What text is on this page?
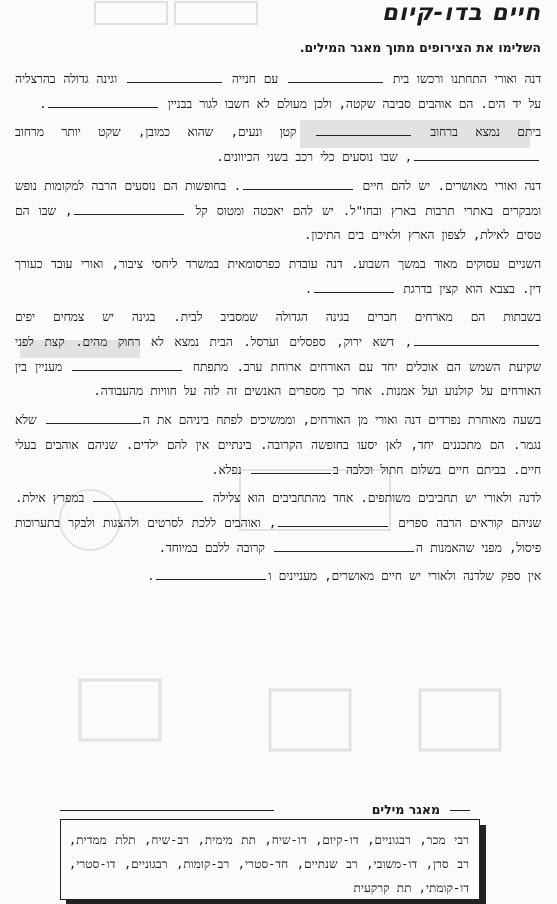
חיים בדו-קיום
השלימו את הצירופים מתוך מאגר המילים.

דנה ואורי התחתנו ורכשו בית  עם חנייה  וגינה גדולה בהרצליה על יד הים. הם אוהבים סביבה שקטה, ולכן מעולם לא חשבו לגור בבניין .

ביתם נמצא ברחוב  קטן ונעים, שהוא כמובן, שקט יותר מרחוב , שבו נוסעים כלי רכב בשני הכיוונים.

דנה ואורי מאושרים. יש להם חיים . בחופשות הם נוסעים הרבה למקומות נופש ומבקרים באתרי תרבות בארץ ובחו"ל. יש להם יאכטה ומטוס קל , שבו הם טסים לאילת, לצפון הארץ ולאיים בים התיכון.

השניים עסוקים מאוד במשך השבוע. דנה עובדת כפרסומאית במשרד ליחסי ציבור, ואורי עובד כעורך דין. בצבא הוא קצין בדרגת .

בשבתות הם מארחים חברים בגינה הגדולה שמסביב לבית. בגינה יש צמחים יפים , דשא ירוק, ספסלים וערסל. הבית נמצא לא רחוק מהים. קצת לפני שקיעת השמש הם אוכלים יחד עם האורחים ארוחת ערב. מתפתח  מעניין בין האורחים על קולנוע ועל אמנות. אחר כך מספרים האנשים זה לזה על חוויות מהעבודה.

בשעה מאוחרת נפרדים דנה ואורי מן האורחים, וממשיכים לפתח ביניהם את ה שלא נגמר. הם מתכננים יחד, לאן יסעו בחופשה הקרובה. בינתיים אין להם ילדים. שניהם אוהבים בעלי חיים. בביתם חיים בשלום חתול וכלבה ב נפלא.

לדנה ולאורי יש תחביבים משותפים. אחד מהתחביבים הוא צלילה  במפרץ אילת. שניהם קוראים הרבה ספרים , ואוהבים ללכת לסרטים ולהצגות ולבקר בתערוכות פיסול, מפני שהאמנות ה קרובה ללבם במיוחד.

אין ספק שלדנה ולאורי יש חיים מאושרים, מעניינים ו.

מאגר מילים
רבי מכר, רבגוניים, דו-קיום, דו-שיח, תת מימית, רב-שיח, תלת ממדית, רב סרן, דו-משובי, רב שנתיים, חד-סטרי, רב-קומות, רבגוניים, דו-סטרי, דו-קומתי, תת קרקעית
